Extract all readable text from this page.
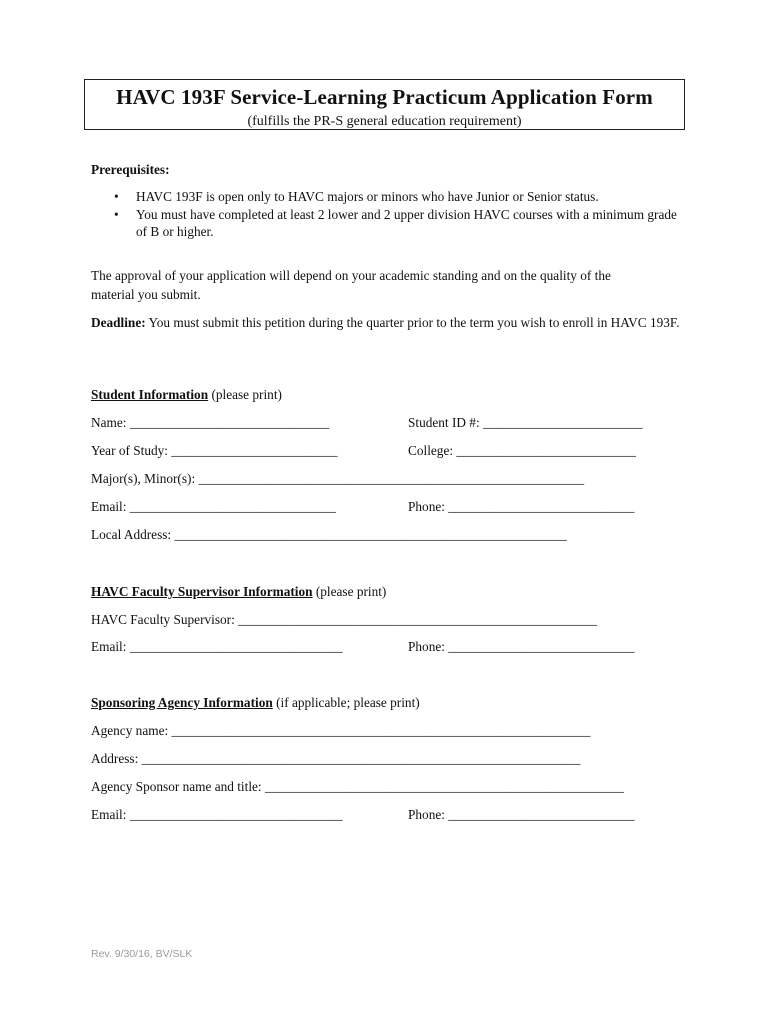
HAVC 193F Service-Learning Practicum Application Form
(fulfills the PR-S general education requirement)
Prerequisites:
• HAVC 193F is open only to HAVC majors or minors who have Junior or Senior status.
• You must have completed at least 2 lower and 2 upper division HAVC courses with a minimum grade of B or higher.
The approval of your application will depend on your academic standing and on the quality of the material you submit.
Deadline: You must submit this petition during the quarter prior to the term you wish to enroll in HAVC 193F.
Student Information (please print)
Name: ______________________________	Student ID #: ________________________
Year of Study: _________________________	College: ___________________________
Major(s), Minor(s): __________________________________________________________
Email: _______________________________	Phone: ____________________________
Local Address: ___________________________________________________________
HAVC Faculty Supervisor Information (please print)
HAVC Faculty Supervisor: ______________________________________________________
Email: ________________________________	Phone: ____________________________
Sponsoring Agency Information (if applicable; please print)
Agency name: _______________________________________________________________
Address: __________________________________________________________________
Agency Sponsor name and title: ______________________________________________________
Email: ________________________________	Phone: ____________________________
Rev. 9/30/16, BV/SLK
